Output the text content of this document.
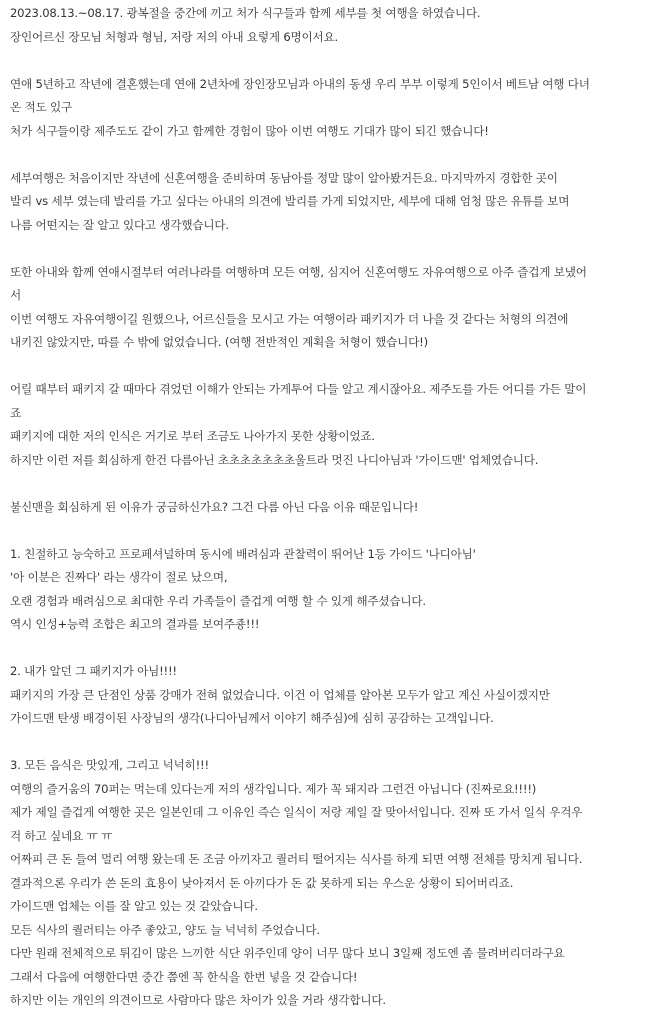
2023.08.13.~08.17. 광복절을 중간에 끼고 처가 식구들과 함께 세부를 첫 여행을 하였습니다.
장인어르신 장모님 처형과 형님, 저랑 저의 아내 요렇게 6명이서요.
연애 5년하고 작년에 결혼했는데 연애 2년차에 장인장모님과 아내의 동생 우리 부부 이렇게 5인이서 베트남 여행 다녀
온 적도 있구
처가 식구들이랑 제주도도 같이 가고 함께한 경험이 많아 이번 여행도 기대가 많이 되긴 했습니다!
세부여행은 처음이지만 작년에 신혼여행을 준비하며 동남아를 정말 많이 알아봤거든요. 마지막까지 경합한 곳이
발리 vs 세부 였는데 발리를 가고 싶다는 아내의 의견에 발리를 가게 되었지만, 세부에 대해 엄청 많은 유튜를 보며
나름 어떤지는 잘 알고 있다고 생각했습니다.
또한 아내와 함께 연애시절부터 여러나라를 여행하며 모든 여행, 심지어 신혼여행도 자유여행으로 아주 즐겁게 보냈어
서
이번 여행도 자유여행이길 원했으나, 어르신들을 모시고 가는 여행이라 패키지가 더 나을 것 같다는 처형의 의견에
내키진 않았지만, 따를 수 밖에 없었습니다. (여행 전반적인 계획을 처형이 했습니다!)
어릴 때부터 패키지 갈 때마다 겪었던 이해가 안되는 가게투어 다들 알고 계시잖아요. 제주도를 가든 어디를 가든 말이
죠
패키지에 대한 저의 인식은 거기로 부터 조금도 나아가지 못한 상황이었죠.
하지만 이런 저를 회심하게 한건 다름아닌 초초초초초초초울트라 멋진 나디아님과 '가이드맨' 업체였습니다.
불신맨을 회심하게 된 이유가 궁금하신가요? 그건 다름 아닌 다음 이유 때문입니다!
1. 친절하고 능숙하고 프로페셔널하며 동시에 배려심과 관찰력이 뛰어난 1등 가이드 '나디아님'
'아 이분은 진짜다' 라는 생각이 절로 났으며,
오랜 경험과 배려심으로 최대한 우리 가족들이 즐겁게 여행 할 수 있게 해주셨습니다.
역시 인성+능력 조합은 최고의 결과를 보여주죵!!!
2. 내가 알던 그 패키지가 아님!!!!
패키지의 가장 큰 단점인 상품 강매가 전혀 없었습니다. 이건 이 업체를 알아본 모두가 알고 계신 사실이겠지만
가이드맨 탄생 배경이된 사장님의 생각(나디아님께서 이야기 해주심)에 심히 공감하는 고객입니다.
3. 모든 음식은 맛있게, 그리고 넉넉히!!!
여행의 즐거움의 70퍼는 먹는데 있다는게 저의 생각입니다. 제가 꼭 돼지라 그런건 아닙니다 (진짜로요!!!!)
제가 제일 즐겁게 여행한 곳은 일본인데 그 이유인 즉슨 일식이 저랑 제일 잘 맞아서입니다. 진짜 또 가서 일식 우걱우
걱 하고 싶네요 ㅠ ㅠ
어짜피 큰 돈 들여 멀리 여행 왔는데 돈 조금 아끼자고 퀄러티 떨어지는 식사를 하게 되면 여행 전체를 망치게 됩니다.
결과적으론 우리가 쓴 돈의 효용이 낮아져서 돈 아끼다가 돈 값 못하게 되는 우스운 상황이 되어버리죠.
가이드맨 업체는 이를 잘 알고 있는 것 같았습니다.
모든 식사의 퀄러티는 아주 좋았고, 양도 늘 넉넉히 주었습니다.
다만 원래 전체적으로 튀김이 많은 느끼한 식단 위주인데 양이 너무 많다 보니 3일째 정도엔 좀 물려버리더라구요
그래서 다음에 여행한다면 중간 쯤엔 꼭 한식을 한번 넣을 것 같습니다!
하지만 이는 개인의 의견이므로 사람마다 많은 차이가 있을 거라 생각합니다.
